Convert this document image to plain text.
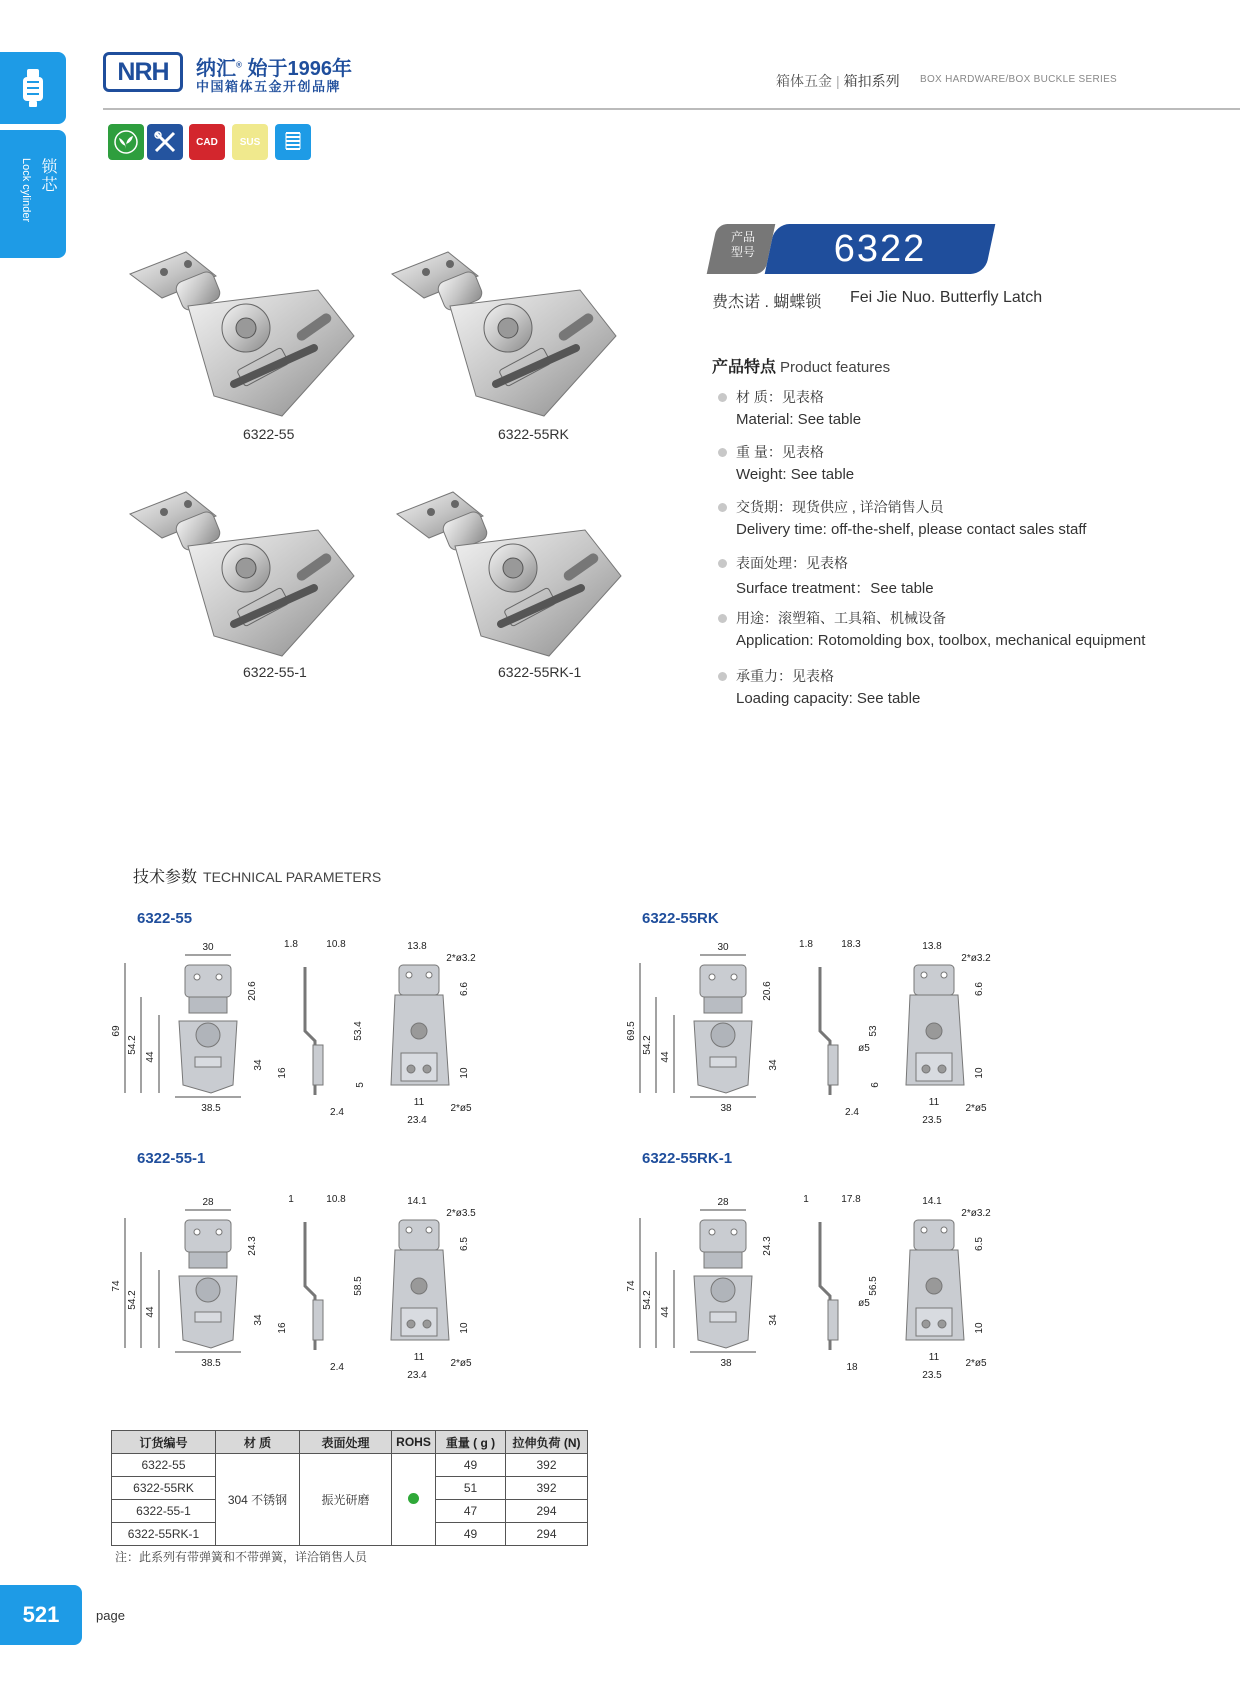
锁芯
Lock cylinder
NRH	纳汇® 始于1996年
中国箱体五金开创品牌	箱体五金 | 箱扣系列 BOX HARDWARE/BOX BUCKLE SERIES
CAD SUS
6322-55	6322-55RK
6322-55-1	6322-55RK-1
产品
型号	6322
费杰诺 . 蝴蝶锁 Fei Jie Nuo. Butterfly Latch
产品特点 Product features
材 质：见表格
Material: See table
重 量：见表格
Weight: See table
交货期：现货供应 , 详洽销售人员
Delivery time: off-the-shelf, please contact sales staff
表面处理：见表格
Surface treatment：See table
用途：滚塑箱、工具箱、机械设备
Application: Rotomolding box, toolbox, mechanical equipment
承重力：见表格
Loading capacity: See table
技术参数 TECHNICAL PARAMETERS
6322-55	6322-55RK
6322-55-1	6322-55RK-1
30
20.6
69
54.2
44
34
38.5
1.8	10.8
2.4
16
13.8
2*ø3.2
6.6
53.4
5
10
11
23.4
2*ø5
30
20.6
69.5
54.2
44
34
38
1.8	18.3
2.4
ø5
13.8
2*ø3.2
6.6
53
6
10
11
23.5
2*ø5
28
24.3
74
54.2
44
34
38.5
1	10.8
2.4
16
14.1
2*ø3.5
6.5
58.5
10
11
23.4
2*ø5
28
24.3
74
54.2
44
34
38
1	17.8
18
ø5
14.1
2*ø3.2
6.5
56.5
10
11
23.5
2*ø5
订货编号	材 质	表面处理	ROHS	重量 ( g )	拉伸负荷 (N)
6322-55	304 不锈钢	振光研磨		49	392
6322-55RK				51	392
6322-55-1				47	294
6322-55RK-1				49	294
注：此系列有带弹簧和不带弹簧，详洽销售人员
521	page
